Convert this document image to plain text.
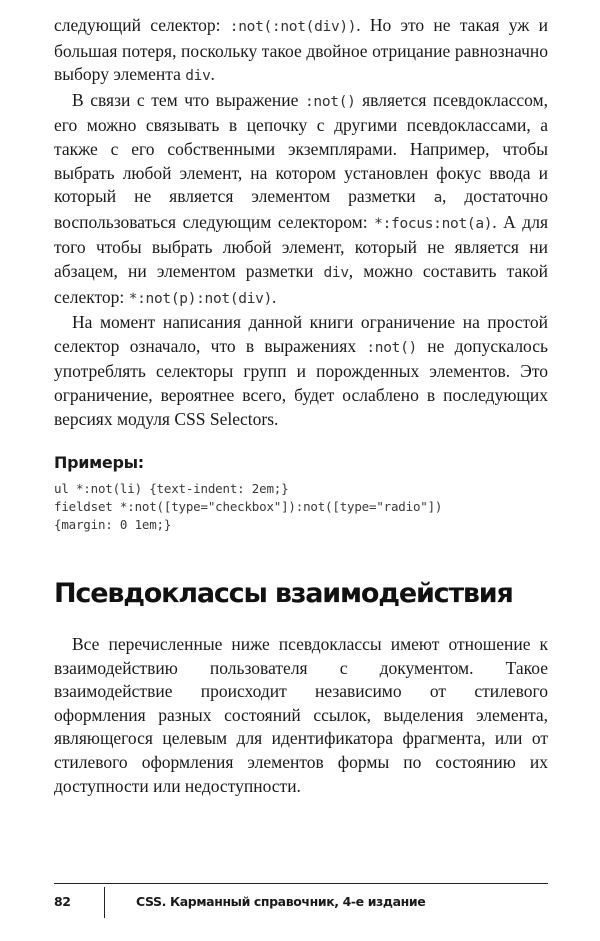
следующий селектор: :not(:not(div)). Но это не такая уж и большая потеря, поскольку такое двойное отрицание равнозначно выбору элемента div.

В связи с тем что выражение :not() является псевдоклассом, его можно связывать в цепочку с другими псевдоклассами, а также с его собственными экземплярами. Например, чтобы выбрать любой элемент, на котором установлен фокус ввода и который не является элементом разметки a, достаточно воспользоваться следующим селектором: *:focus:not(a). А для того чтобы выбрать любой элемент, который не является ни абзацем, ни элементом разметки div, можно составить такой селектор: *:not(p):not(div).

На момент написания данной книги ограничение на простой селектор означало, что в выражениях :not() не допускалось употреблять селекторы групп и порожденных элементов. Это ограничение, вероятнее всего, будет ослаблено в последующих версиях модуля CSS Selectors.

Примеры:
ul *:not(li) {text-indent: 2em;}
fieldset *:not([type="checkbox"]):not([type="radio"])
{margin: 0 1em;}
Псевдоклассы взаимодействия

Все перечисленные ниже псевдоклассы имеют отношение к взаимодействию пользователя с документом. Такое взаимодействие происходит независимо от стилевого оформления разных состояний ссылок, выделения элемента, являющегося целевым для идентификатора фрагмента, или от стилевого оформления элементов формы по состоянию их доступности или недоступности.

82	CSS. Карманный справочник, 4-е издание
